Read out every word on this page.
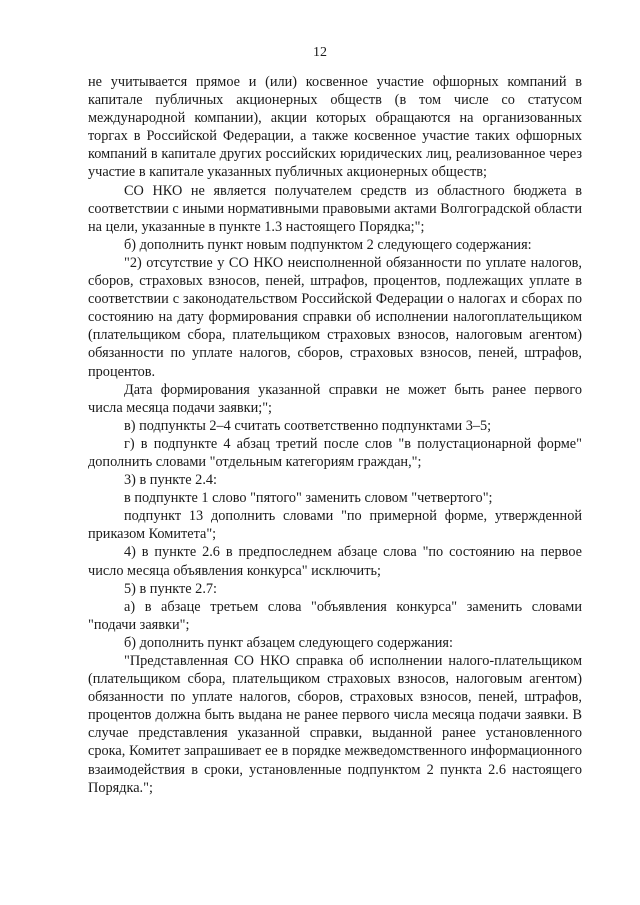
12

не учитывается прямое и (или) косвенное участие офшорных компаний в капитале публичных акционерных обществ (в том числе со статусом международной компании), акции которых обращаются на организованных торгах в Российской Федерации, а также косвенное участие таких офшорных компаний в капитале других российских юридических лиц, реализованное через участие в капитале указанных публичных акционерных обществ;

СО НКО не является получателем средств из областного бюджета в соответствии с иными нормативными правовыми актами Волгоградской области на цели, указанные в пункте 1.3 настоящего Порядка;";

б) дополнить пункт новым подпунктом 2 следующего содержания:

"2) отсутствие у СО НКО неисполненной обязанности по уплате налогов, сборов, страховых взносов, пеней, штрафов, процентов, подлежащих уплате в соответствии с законодательством Российской Федерации о налогах и сборах по состоянию на дату формирования справки об исполнении налогоплательщиком (плательщиком сбора, плательщиком страховых взносов, налоговым агентом) обязанности по уплате налогов, сборов, страховых взносов, пеней, штрафов, процентов.

Дата формирования указанной справки не может быть ранее первого числа месяца подачи заявки;";

в) подпункты 2–4 считать соответственно подпунктами 3–5;

г) в подпункте 4 абзац третий после слов "в полустационарной форме" дополнить словами "отдельным категориям граждан,";

3) в пункте 2.4:

в подпункте 1 слово "пятого" заменить словом "четвертого";

подпункт 13 дополнить словами "по примерной форме, утвержденной приказом Комитета";

4) в пункте 2.6 в предпоследнем абзаце слова "по состоянию на первое число месяца объявления конкурса" исключить;

5) в пункте 2.7:

а) в абзаце третьем слова "объявления конкурса" заменить словами "подачи заявки";

б) дополнить пункт абзацем следующего содержания:

"Представленная СО НКО справка об исполнении налого-плательщиком (плательщиком сбора, плательщиком страховых взносов, налоговым агентом) обязанности по уплате налогов, сборов, страховых взносов, пеней, штрафов, процентов должна быть выдана не ранее первого числа месяца подачи заявки. В случае представления указанной справки, выданной ранее установленного срока, Комитет запрашивает ее в порядке межведомственного информационного взаимодействия в сроки, установленные подпунктом 2 пункта 2.6 настоящего Порядка.";
